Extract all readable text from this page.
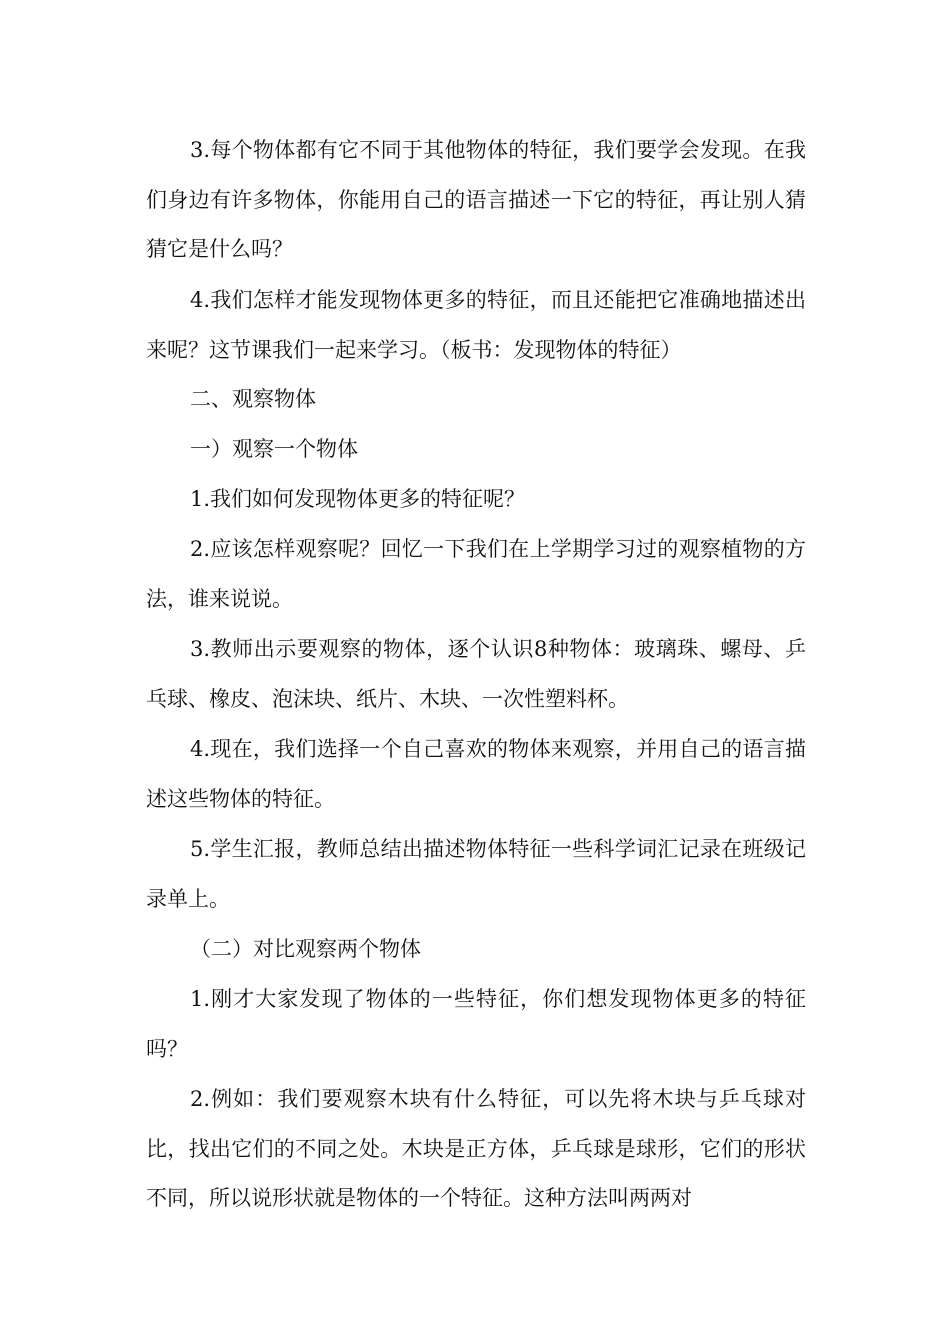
3.每个物体都有它不同于其他物体的特征，我们要学会发现。在我们身边有许多物体，你能用自己的语言描述一下它的特征，再让别人猜猜它是什么吗？

4.我们怎样才能发现物体更多的特征，而且还能把它准确地描述出来呢？这节课我们一起来学习。（板书：发现物体的特征）

二、观察物体

一）观察一个物体

1.我们如何发现物体更多的特征呢？

2.应该怎样观察呢？回忆一下我们在上学期学习过的观察植物的方法，谁来说说。

3.教师出示要观察的物体，逐个认识8种物体：玻璃珠、螺母、乒乓球、橡皮、泡沫块、纸片、木块、一次性塑料杯。

4.现在，我们选择一个自己喜欢的物体来观察，并用自己的语言描述这些物体的特征。

5.学生汇报，教师总结出描述物体特征一些科学词汇记录在班级记录单上。

（二）对比观察两个物体

1.刚才大家发现了物体的一些特征，你们想发现物体更多的特征吗？

2.例如：我们要观察木块有什么特征，可以先将木块与乒乓球对比，找出它们的不同之处。木块是正方体，乒乓球是球形，它们的形状不同，所以说形状就是物体的一个特征。这种方法叫两两对
